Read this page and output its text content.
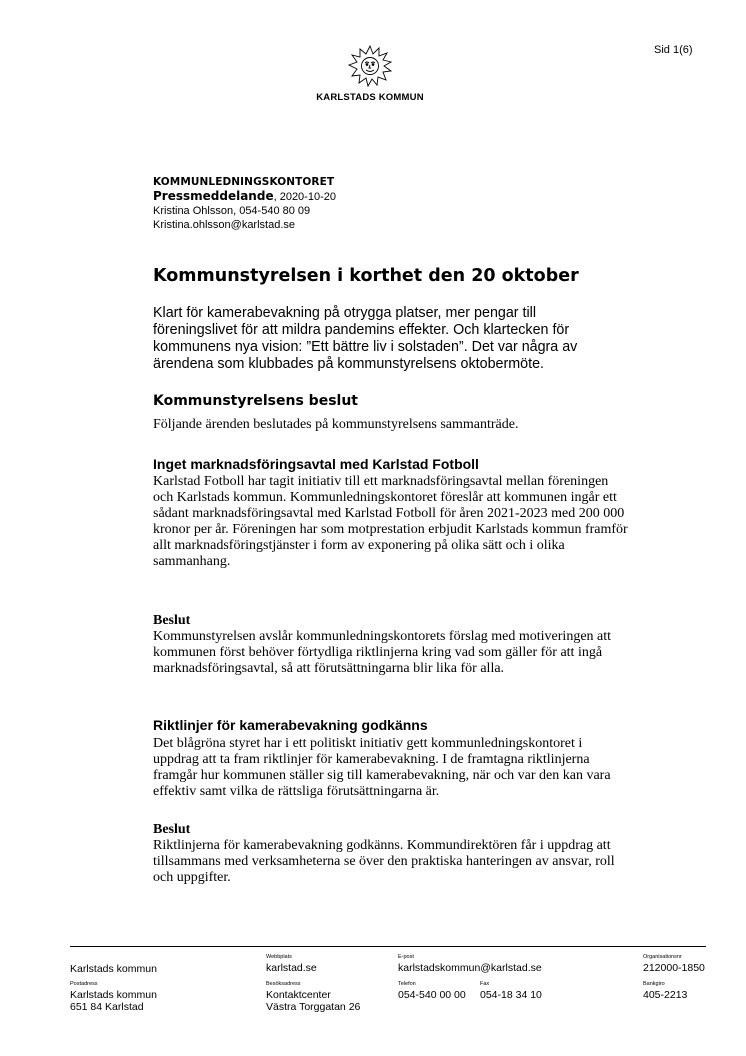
Sid 1(6)
KARLSTADS KOMMUN
KOMMUNLEDNINGSKONTORET
Pressmeddelande, 2020-10-20
Kristina Ohlsson, 054-540 80 09
Kristina.ohlsson@karlstad.se
Kommunstyrelsen i korthet den 20 oktober

Klart för kamerabevakning på otrygga platser, mer pengar till föreningslivet för att mildra pandemins effekter. Och klartecken för kommunens nya vision: ”Ett bättre liv i solstaden”. Det var några av ärendena som klubbades på kommunstyrelsens oktobermöte.

Kommunstyrelsens beslut

Följande ärenden beslutades på kommunstyrelsens sammanträde.

Inget marknadsföringsavtal med Karlstad Fotboll

Karlstad Fotboll har tagit initiativ till ett marknadsföringsavtal mellan föreningen och Karlstads kommun. Kommunledningskontoret föreslår att kommunen ingår ett sådant marknadsföringsavtal med Karlstad Fotboll för åren 2021-2023 med 200 000 kronor per år. Föreningen har som motprestation erbjudit Karlstads kommun framför allt marknadsföringstjänster i form av exponering på olika sätt och i olika sammanhang.

Beslut

Kommunstyrelsen avslår kommunledningskontorets förslag med motiveringen att kommunen först behöver förtydliga riktlinjerna kring vad som gäller för att ingå marknadsföringsavtal, så att förutsättningarna blir lika för alla.

Riktlinjer för kamerabevakning godkänns

Det blågröna styret har i ett politiskt initiativ gett kommunledningskontoret i uppdrag att ta fram riktlinjer för kamerabevakning. I de framtagna riktlinjerna framgår hur kommunen ställer sig till kamerabevakning, när och var den kan vara effektiv samt vilka de rättsliga förutsättningarna är.

Beslut

Riktlinjerna för kamerabevakning godkänns. Kommundirektören får i uppdrag att tillsammans med verksamheterna se över den praktiska hanteringen av ansvar, roll och uppgifter.

Karlstads kommun
Webbplats
karlstad.se
E-post
karlstadskommun@karlstad.se
Organisationsnr
212000-1850
Postadress
Karlstads kommun
651 84 Karlstad
Besöksadress
Kontaktcenter
Västra Torggatan 26
Telefon
054-540 00 00
Fax
054-18 34 10
Bankgiro
405-2213
